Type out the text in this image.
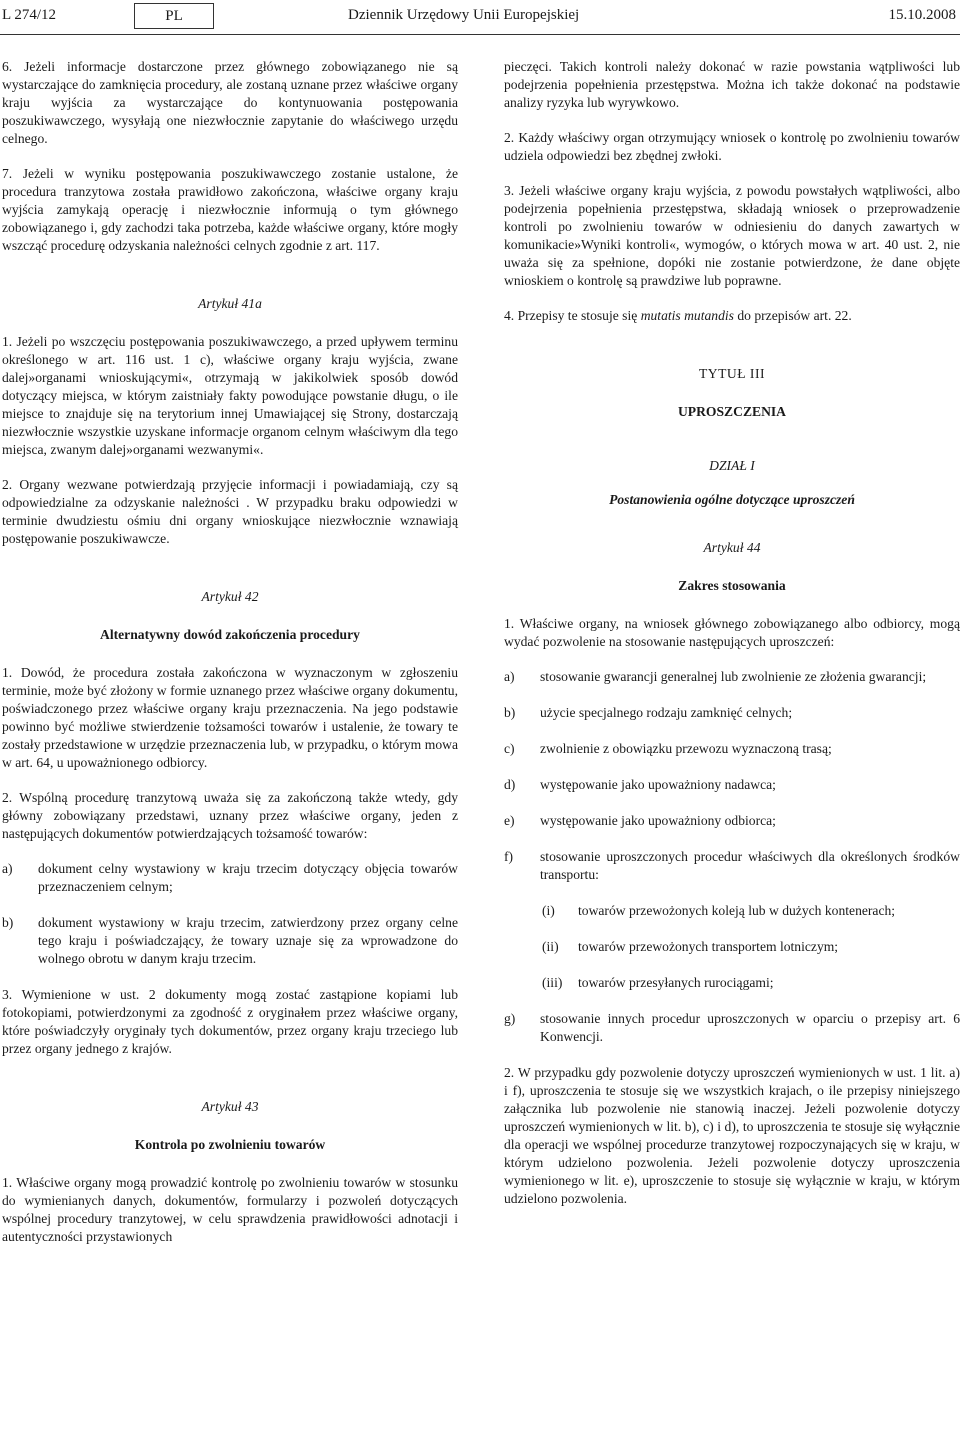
L 274/12	PL	Dziennik Urzędowy Unii Europejskiej	15.10.2008

6. Jeżeli informacje dostarczone przez głównego zobowiązanego nie są wystarczające do zamknięcia procedury, ale zostaną uznane przez właściwe organy kraju wyjścia za wystarczające do kontynuowania postępowania poszukiwawczego, wysyłają one niezwłocznie zapytanie do właściwego urzędu celnego.

7. Jeżeli w wyniku postępowania poszukiwawczego zostanie ustalone, że procedura tranzytowa została prawidłowo zakończona, właściwe organy kraju wyjścia zamykają operację i niezwłocznie informują o tym głównego zobowiązanego i, gdy zachodzi taka potrzeba, każde właściwe organy, które mogły wszcząć procedurę odzyskania należności celnych zgodnie z art. 117.

Artykuł 41a

1. Jeżeli po wszczęciu postępowania poszukiwawczego, a przed upływem terminu określonego w art. 116 ust. 1 c), właściwe organy kraju wyjścia, zwane dalej»organami wnioskującymi«, otrzymają w jakikolwiek sposób dowód dotyczący miejsca, w którym zaistniały fakty powodujące powstanie długu, o ile miejsce to znajduje się na terytorium innej Umawiającej się Strony, dostarczają niezwłocznie wszystkie uzyskane informacje organom celnym właściwym dla tego miejsca, zwanym dalej»organami wezwanymi«.

2. Organy wezwane potwierdzają przyjęcie informacji i powiadamiają, czy są odpowiedzialne za odzyskanie należności . W przypadku braku odpowiedzi w terminie dwudziestu ośmiu dni organy wnioskujące niezwłocznie wznawiają postępowanie poszukiwawcze.

Artykuł 42
Alternatywny dowód zakończenia procedury

1. Dowód, że procedura została zakończona w wyznaczonym w zgłoszeniu terminie, może być złożony w formie uznanego przez właściwe organy dokumentu, poświadczonego przez właściwe organy kraju przeznaczenia. Na jego podstawie powinno być możliwe stwierdzenie tożsamości towarów i ustalenie, że towary te zostały przedstawione w urzędzie przeznaczenia lub, w przypadku, o którym mowa w art. 64, u upoważnionego odbiorcy.

2. Wspólną procedurę tranzytową uważa się za zakończoną także wtedy, gdy główny zobowiązany przedstawi, uznany przez właściwe organy, jeden z następujących dokumentów potwierdzających tożsamość towarów:

a)	dokument celny wystawiony w kraju trzecim dotyczący objęcia towarów przeznaczeniem celnym;
b)	dokument wystawiony w kraju trzecim, zatwierdzony przez organy celne tego kraju i poświadczający, że towary uznaje się za wprowadzone do wolnego obrotu w danym kraju trzecim.

3. Wymienione w ust. 2 dokumenty mogą zostać zastąpione kopiami lub fotokopiami, potwierdzonymi za zgodność z oryginałem przez właściwe organy, które poświadczyły oryginały tych dokumentów, przez organy kraju trzeciego lub przez organy jednego z krajów.

Artykuł 43
Kontrola po zwolnieniu towarów

1. Właściwe organy mogą prowadzić kontrolę po zwolnieniu towarów w stosunku do wymienianych danych, dokumentów, formularzy i pozwoleń dotyczących wspólnej procedury tranzytowej, w celu sprawdzenia prawidłowości adnotacji i autentyczności przystawionych

pieczęci. Takich kontroli należy dokonać w razie powstania wątpliwości lub podejrzenia popełnienia przestępstwa. Można ich także dokonać na podstawie analizy ryzyka lub wyrywkowo.

2. Każdy właściwy organ otrzymujący wniosek o kontrolę po zwolnieniu towarów udziela odpowiedzi bez zbędnej zwłoki.

3. Jeżeli właściwe organy kraju wyjścia, z powodu powstałych wątpliwości, albo podejrzenia popełnienia przestępstwa, składają wniosek o przeprowadzenie kontroli po zwolnieniu towarów w odniesieniu do danych zawartych w komunikacie»Wyniki kontroli«, wymogów, o których mowa w art. 40 ust. 2, nie uważa się za spełnione, dopóki nie zostanie potwierdzone, że dane objęte wnioskiem o kontrolę są prawdziwe lub poprawne.

4. Przepisy te stosuje się mutatis mutandis do przepisów art. 22.

TYTUŁ III
UPROSZCZENIA
DZIAŁ I
Postanowienia ogólne dotyczące uproszczeń
Artykuł 44
Zakres stosowania

1. Właściwe organy, na wniosek głównego zobowiązanego albo odbiorcy, mogą wydać pozwolenie na stosowanie następujących uproszczeń:

a)	stosowanie gwarancji generalnej lub zwolnienie ze złożenia gwarancji;
b)	użycie specjalnego rodzaju zamknięć celnych;
c)	zwolnienie z obowiązku przewozu wyznaczoną trasą;
d)	występowanie jako upoważniony nadawca;
e)	występowanie jako upoważniony odbiorca;
f)	stosowanie uproszczonych procedur właściwych dla określonych środków transportu:
(i)	towarów przewożonych koleją lub w dużych kontenerach;
(ii)	towarów przewożonych transportem lotniczym;
(iii)	towarów przesyłanych rurociągami;
g)	stosowanie innych procedur uproszczonych w oparciu o przepisy art. 6 Konwencji.

2. W przypadku gdy pozwolenie dotyczy uproszczeń wymienionych w ust. 1 lit. a) i f), uproszczenia te stosuje się we wszystkich krajach, o ile przepisy niniejszego załącznika lub pozwolenie nie stanowią inaczej. Jeżeli pozwolenie dotyczy uproszczeń wymienionych w lit. b), c) i d), to uproszczenia te stosuje się wyłącznie dla operacji we wspólnej procedurze tranzytowej rozpoczynających się w kraju, w którym udzielono pozwolenia. Jeżeli pozwolenie dotyczy uproszczenia wymienionego w lit. e), uproszczenie to stosuje się wyłącznie w kraju, w którym udzielono pozwolenia.
